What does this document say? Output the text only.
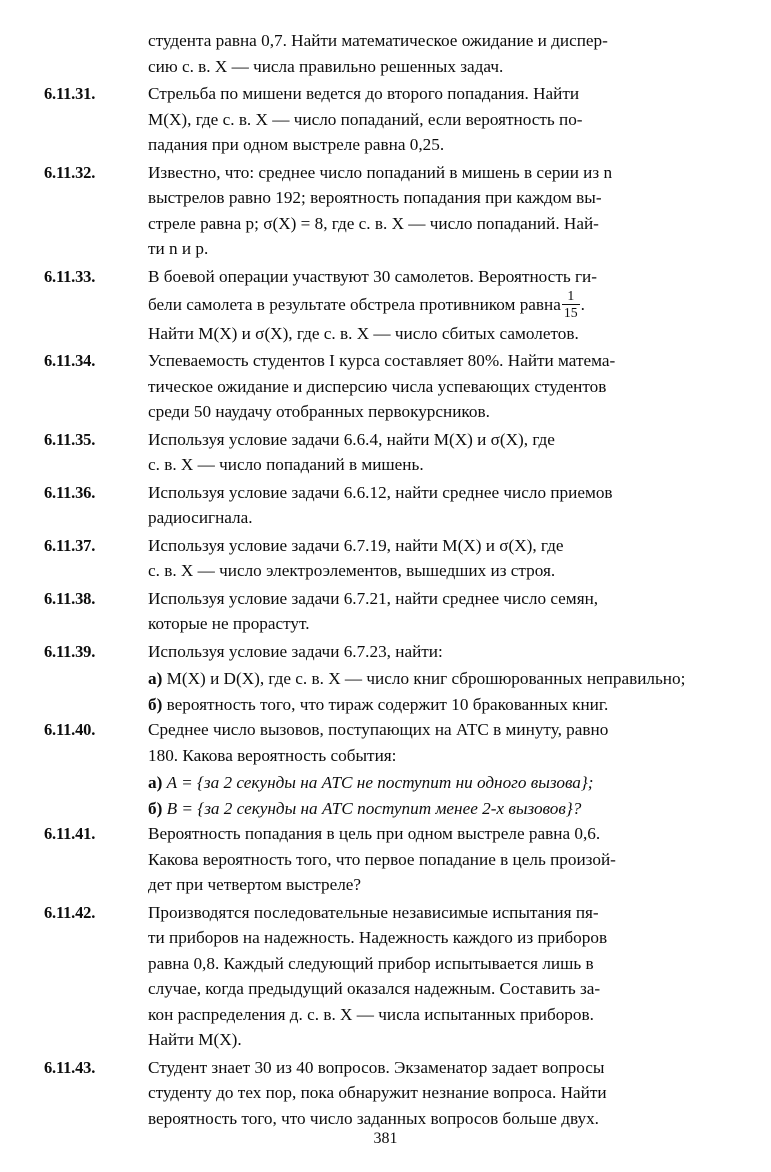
студента равна 0,7. Найти математическое ожидание и диспер-
сию с. в. X — числа правильно решенных задач.
6.11.31.	Стрельба по мишени ведется до второго попадания. Найти
M(X), где с. в. X — число попаданий, если вероятность по-
падания при одном выстреле равна 0,25.
6.11.32.	Известно, что: среднее число попаданий в мишень в серии из n
выстрелов равно 192; вероятность попадания при каждом вы-
стреле равна p; σ(X) = 8, где с. в. X — число попаданий. Най-
ти n и p.
6.11.33.	В боевой операции участвуют 30 самолетов. Вероятность ги-
бели самолета в результате обстрела противником равна $\frac{1}{15}$ .
Найти M(X) и σ(X), где с. в. X — число сбитых самолетов.
6.11.34.	Успеваемость студентов I курса составляет 80%. Найти матема-
тическое ожидание и дисперсию числа успевающих студентов
среди 50 наудачу отобранных первокурсников.
6.11.35.	Используя условие задачи 6.6.4, найти M(X) и σ(X), где
с. в. X — число попаданий в мишень.
6.11.36.	Используя условие задачи 6.6.12, найти среднее число приемов
радиосигнала.
6.11.37.	Используя условие задачи 6.7.19, найти M(X) и σ(X), где
с. в. X — число электроэлементов, вышедших из строя.
6.11.38.	Используя условие задачи 6.7.21, найти среднее число семян,
которые не прорастут.
6.11.39.	Используя условие задачи 6.7.23, найти:
а) M(X) и D(X), где с. в. X — число книг сброшюрованных неправильно;
б) вероятность того, что тираж содержит 10 бракованных книг.
6.11.40.	Среднее число вызовов, поступающих на АТС в минуту, равно
180. Какова вероятность события:
а) A = {за 2 секунды на АТС не поступит ни одного вызова};
б) B = {за 2 секунды на АТС поступит менее 2-х вызовов}?
6.11.41.	Вероятность попадания в цель при одном выстреле равна 0,6.
Какова вероятность того, что первое попадание в цель произой-
дет при четвертом выстреле?
6.11.42.	Производятся последовательные независимые испытания пя-
ти приборов на надежность. Надежность каждого из приборов
равна 0,8. Каждый следующий прибор испытывается лишь в
случае, когда предыдущий оказался надежным. Составить за-
кон распределения д. с. в. X — числа испытанных приборов.
Найти M(X).
6.11.43.	Студент знает 30 из 40 вопросов. Экзаменатор задает вопросы
студенту до тех пор, пока обнаружит незнание вопроса. Найти
вероятность того, что число заданных вопросов больше двух.
381
